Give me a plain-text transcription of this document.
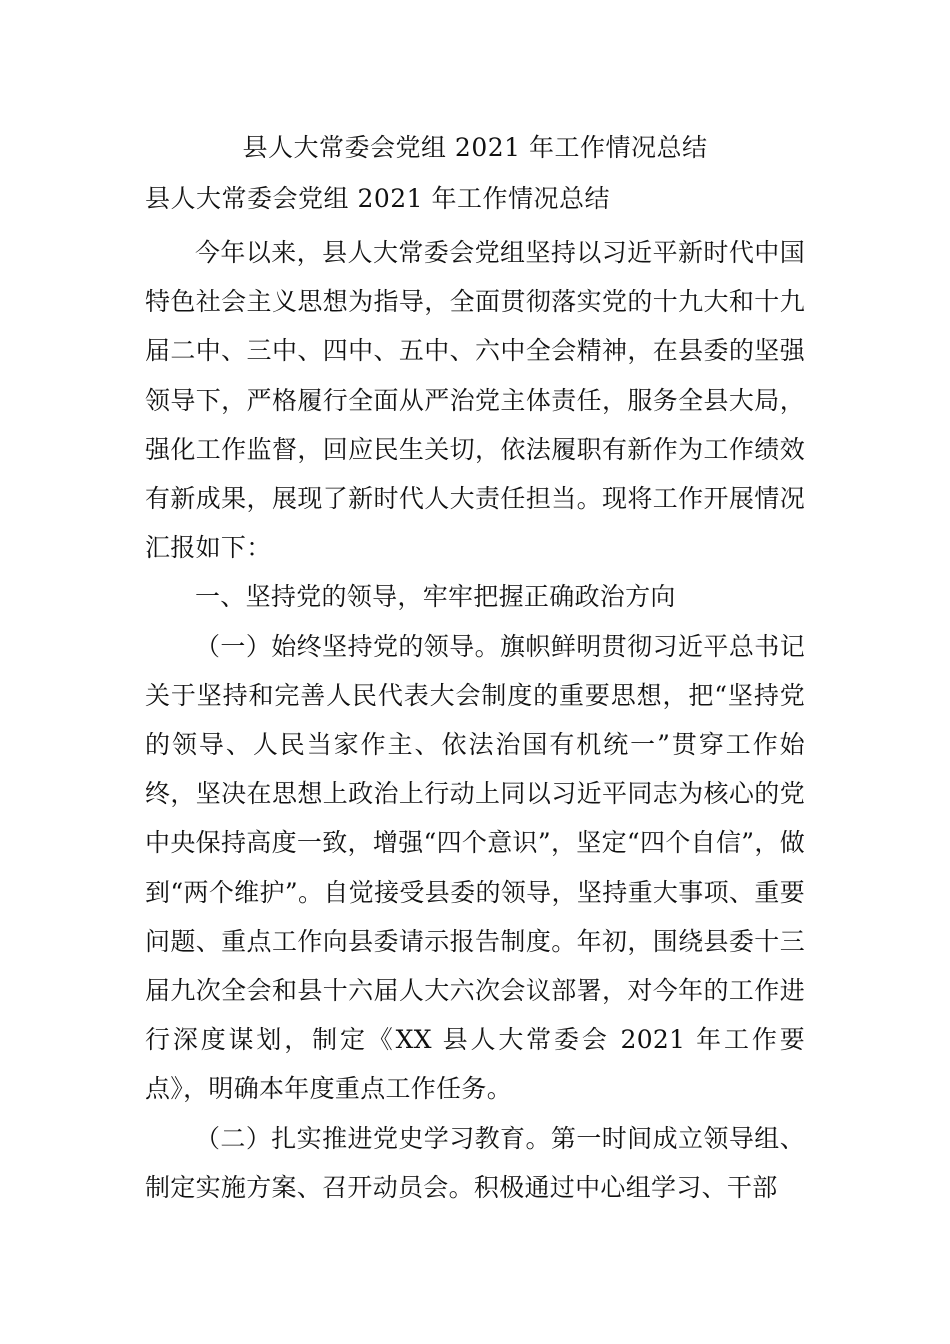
县人大常委会党组 2021 年工作情况总结

县人大常委会党组 2021 年工作情况总结

今年以来，县人大常委会党组坚持以习近平新时代中国特色社会主义思想为指导，全面贯彻落实党的十九大和十九届二中、三中、四中、五中、六中全会精神，在县委的坚强领导下，严格履行全面从严治党主体责任，服务全县大局，强化工作监督，回应民生关切，依法履职有新作为工作绩效有新成果，展现了新时代人大责任担当。现将工作开展情况汇报如下：

一、坚持党的领导，牢牢把握正确政治方向

（一）始终坚持党的领导。旗帜鲜明贯彻习近平总书记关于坚持和完善人民代表大会制度的重要思想，把“坚持党的领导、人民当家作主、依法治国有机统一”贯穿工作始终，坚决在思想上政治上行动上同以习近平同志为核心的党中央保持高度一致，增强“四个意识”，坚定“四个自信”，做到“两个维护”。自觉接受县委的领导，坚持重大事项、重要问题、重点工作向县委请示报告制度。年初，围绕县委十三届九次全会和县十六届人大六次会议部署，对今年的工作进行深度谋划，制定《XX 县人大常委会 2021 年工作要点》，明确本年度重点工作任务。

（二）扎实推进党史学习教育。第一时间成立领导组、制定实施方案、召开动员会。积极通过中心组学习、干部
